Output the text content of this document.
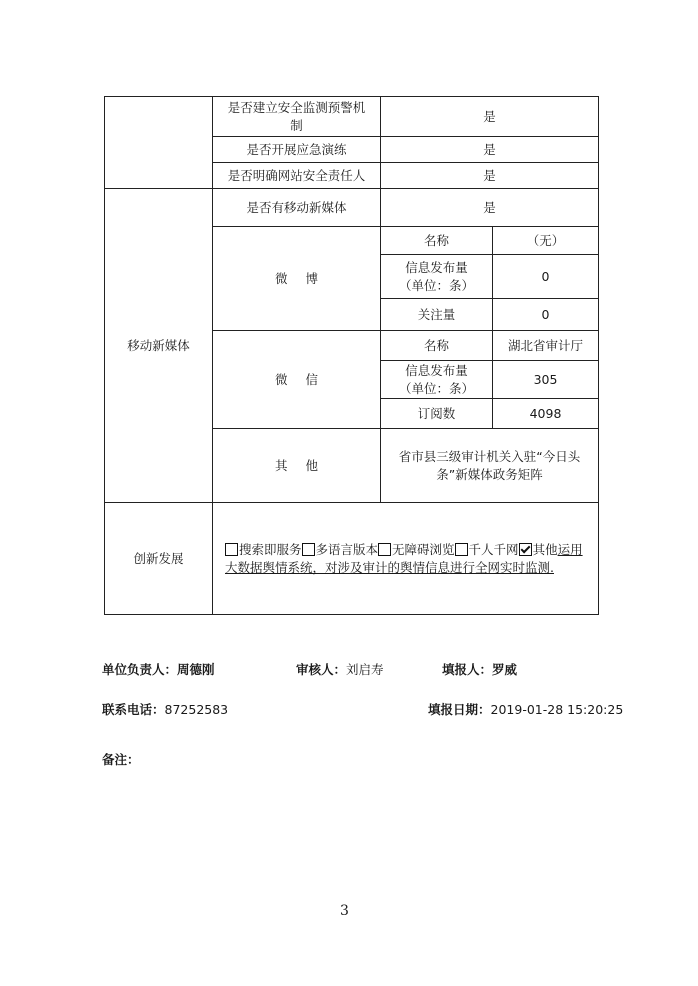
	是否建立安全监测预警机制	是	
	是否开展应急演练	是	
	是否明确网站安全责任人	是	
移动新媒体	是否有移动新媒体	是	
	微博	名称	（无）
		信息发布量（单位：条）	0
		关注量	0
	微信	名称	湖北省审计厅
		信息发布量（单位：条）	305
		订阅数	4098
	其他	省市县三级审计机关入驻“今日头条”新媒体政务矩阵	
创新发展	搜索即服务 多语言版本 无障碍浏览 千人千网 其他运用大数据舆情系统，对涉及审计的舆情信息进行全网实时监测.		
单位负责人：周德刚	审核人：刘启寿	填报人：罗威
联系电话：87252583	填报日期：2019-01-28 15:20:25
备注：
3
